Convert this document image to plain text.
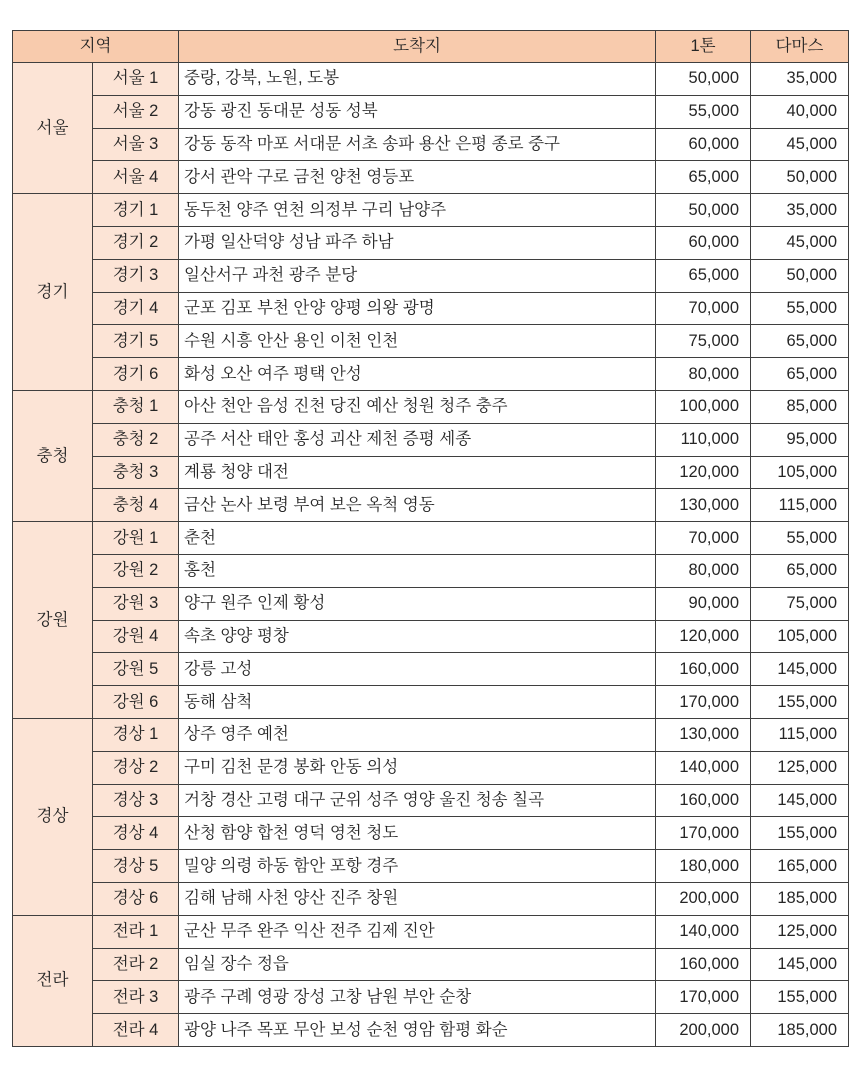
지역		도착지	1톤	다마스
서울	서울 1	중랑, 강북, 노원, 도봉	50,000	35,000
	서울 2	강동 광진 동대문 성동 성북	55,000	40,000
	서울 3	강동 동작 마포 서대문 서초 송파 용산 은평 종로 중구	60,000	45,000
	서울 4	강서 관악 구로 금천 양천 영등포	65,000	50,000
경기	경기 1	동두천 양주 연천 의정부 구리 남양주	50,000	35,000
	경기 2	가평 일산덕양 성남 파주 하남	60,000	45,000
	경기 3	일산서구 과천 광주 분당	65,000	50,000
	경기 4	군포 김포 부천 안양 양평 의왕 광명	70,000	55,000
	경기 5	수원 시흥 안산 용인 이천 인천	75,000	65,000
	경기 6	화성 오산 여주 평택 안성	80,000	65,000
충청	충청 1	아산 천안 음성 진천 당진 예산 청원 청주 충주	100,000	85,000
	충청 2	공주 서산 태안 홍성 괴산 제천 증평 세종	110,000	95,000
	충청 3	계룡 청양 대전	120,000	105,000
	충청 4	금산 논사 보령 부여 보은 옥척 영동	130,000	115,000
강원	강원 1	춘천	70,000	55,000
	강원 2	홍천	80,000	65,000
	강원 3	양구 원주 인제 황성	90,000	75,000
	강원 4	속초 양양 평창	120,000	105,000
	강원 5	강릉 고성	160,000	145,000
	강원 6	동해 삼척	170,000	155,000
경상	경상 1	상주 영주 예천	130,000	115,000
	경상 2	구미 김천 문경 봉화 안동 의성	140,000	125,000
	경상 3	거창 경산 고령 대구 군위 성주 영양 울진 청송 칠곡	160,000	145,000
	경상 4	산청 함양 합천 영덕 영천 청도	170,000	155,000
	경상 5	밀양 의령 하동 함안 포항 경주	180,000	165,000
	경상 6	김해 남해 사천 양산 진주 창원	200,000	185,000
전라	전라 1	군산 무주 완주 익산 전주 김제 진안	140,000	125,000
	전라 2	임실 장수 정읍	160,000	145,000
	전라 3	광주 구례 영광 장성 고창 남원 부안 순창	170,000	155,000
	전라 4	광양 나주 목포 무안 보성 순천 영암 함평 화순	200,000	185,000
